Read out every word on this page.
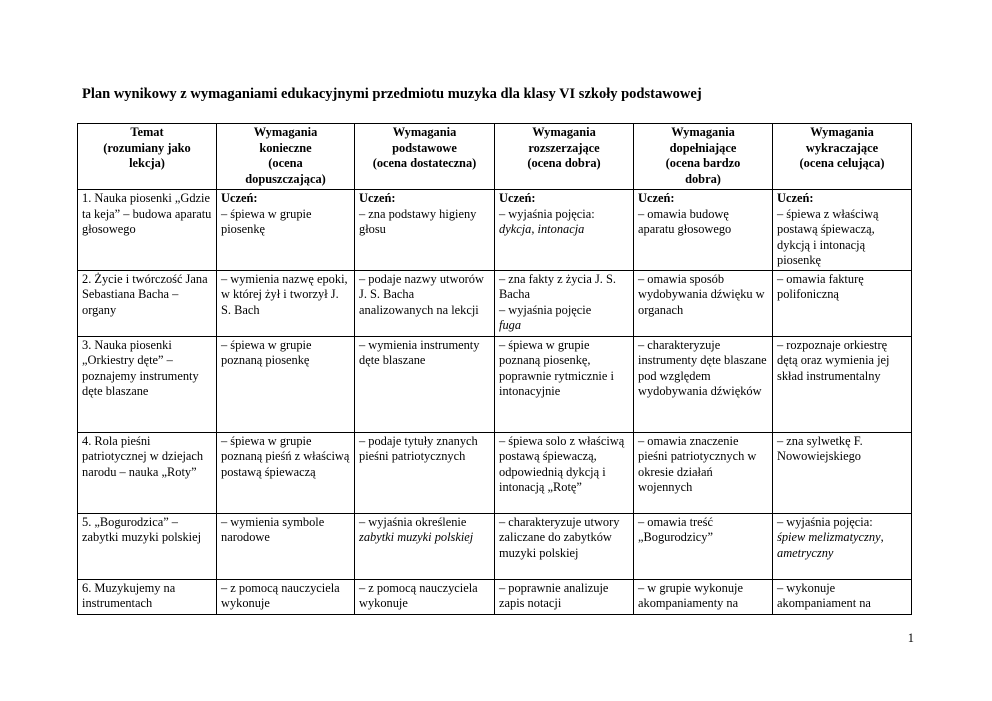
Plan wynikowy z wymaganiami edukacyjnymi przedmiotu muzyka dla klasy VI szkoły podstawowej
Temat
(rozumiany jako
lekcja)	Wymagania
konieczne
(ocena
dopuszczająca)	Wymagania
podstawowe
(ocena dostateczna)	Wymagania
rozszerzające
(ocena dobra)	Wymagania
dopełniające
(ocena bardzo
dobra)	Wymagania
wykraczające
(ocena celująca)

1. Nauka piosenki „Gdzie ta keja” – budowa aparatu głosowego	Uczeń:
– śpiewa w grupie piosenkę	Uczeń:
– zna podstawy higieny głosu	Uczeń:
– wyjaśnia pojęcia:
dykcja, intonacja	Uczeń:
– omawia budowę aparatu głosowego	Uczeń:
– śpiewa z właściwą postawą śpiewaczą, dykcją i intonacją piosenkę
2. Życie i twórczość Jana Sebastiana Bacha – organy	– wymienia nazwę epoki, w której żył i tworzył J. S. Bach	– podaje nazwy utworów J. S. Bacha analizowanych na lekcji	– zna fakty z życia J. S. Bacha
– wyjaśnia pojęcie
fuga	– omawia sposób wydobywania dźwięku w organach	– omawia fakturę polifoniczną
3. Nauka piosenki „Orkiestry dęte” – poznajemy instrumenty dęte blaszane	– śpiewa w grupie poznaną piosenkę	– wymienia instrumenty dęte blaszane	– śpiewa w grupie poznaną piosenkę, poprawnie rytmicznie i intonacyjnie	– charakteryzuje instrumenty dęte blaszane pod względem wydobywania dźwięków	– rozpoznaje orkiestrę dętą oraz wymienia jej skład instrumentalny
4. Rola pieśni patriotycznej w dziejach narodu – nauka „Roty”	– śpiewa w grupie poznaną pieśń z właściwą postawą śpiewaczą	– podaje tytuły znanych pieśni patriotycznych	– śpiewa solo z właściwą postawą śpiewaczą, odpowiednią dykcją i intonacją „Rotę”	– omawia znaczenie pieśni patriotycznych w okresie działań wojennych	– zna sylwetkę F. Nowowiejskiego
5. „Bogurodzica” – zabytki muzyki polskiej	– wymienia symbole narodowe	– wyjaśnia określenie
zabytki muzyki polskiej	– charakteryzuje utwory zaliczane do zabytków muzyki polskiej	– omawia treść „Bogurodzicy”	– wyjaśnia pojęcia:
śpiew melizmatyczny, ametryczny
6. Muzykujemy na instrumentach	– z pomocą nauczyciela wykonuje	– z pomocą nauczyciela wykonuje	– poprawnie analizuje zapis notacji	– w grupie wykonuje akompaniamenty na	– wykonuje akompaniament na
1
